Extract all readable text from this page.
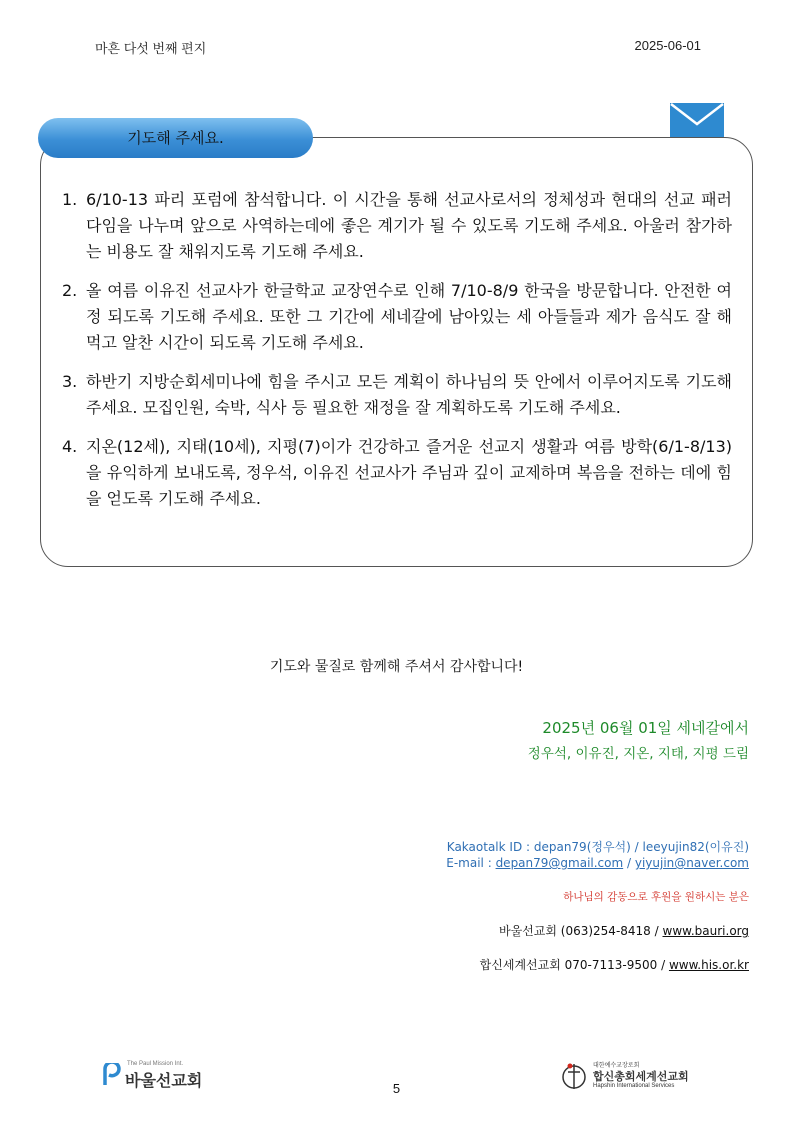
마흔 다섯 번째 편지	2025-06-01
기도해 주세요.
1. 6/10-13 파리 포럼에 참석합니다. 이 시간을 통해 선교사로서의 정체성과 현대의 선교 패러다임을 나누며 앞으로 사역하는데에 좋은 계기가 될 수 있도록 기도해 주세요. 아울러 참가하는 비용도 잘 채워지도록 기도해 주세요.
2. 올 여름 이유진 선교사가 한글학교 교장연수로 인해 7/10-8/9 한국을 방문합니다. 안전한 여정 되도록 기도해 주세요. 또한 그 기간에 세네갈에 남아있는 세 아들들과 제가 음식도 잘 해 먹고 알찬 시간이 되도록 기도해 주세요.
3. 하반기 지방순회세미나에 힘을 주시고 모든 계획이 하나님의 뜻 안에서 이루어지도록 기도해 주세요. 모집인원, 숙박, 식사 등 필요한 재정을 잘 계획하도록 기도해 주세요.
4. 지온(12세), 지태(10세), 지평(7)이가 건강하고 즐거운 선교지 생활과 여름 방학(6/1-8/13)을 유익하게 보내도록, 정우석, 이유진 선교사가 주님과 깊이 교제하며 복음을 전하는 데에 힘을 얻도록 기도해 주세요.
기도와 물질로 함께해 주셔서 감사합니다!
2025년 06월 01일 세네갈에서
정우석, 이유진, 지온, 지태, 지평 드림
Kakaotalk ID : depan79(정우석) / leeyujin82(이유진)
E-mail : depan79@gmail.com / yiyujin@naver.com
하나님의 감동으로 후원을 원하시는 분은
바울선교회 (063)254-8418 / www.bauri.org
합신세계선교회 070-7113-9500 / www.his.or.kr
The Paul Mission Int.
바울선교회	5
대한예수교장로회
합신총회세계선교회
Hapshin International Services
